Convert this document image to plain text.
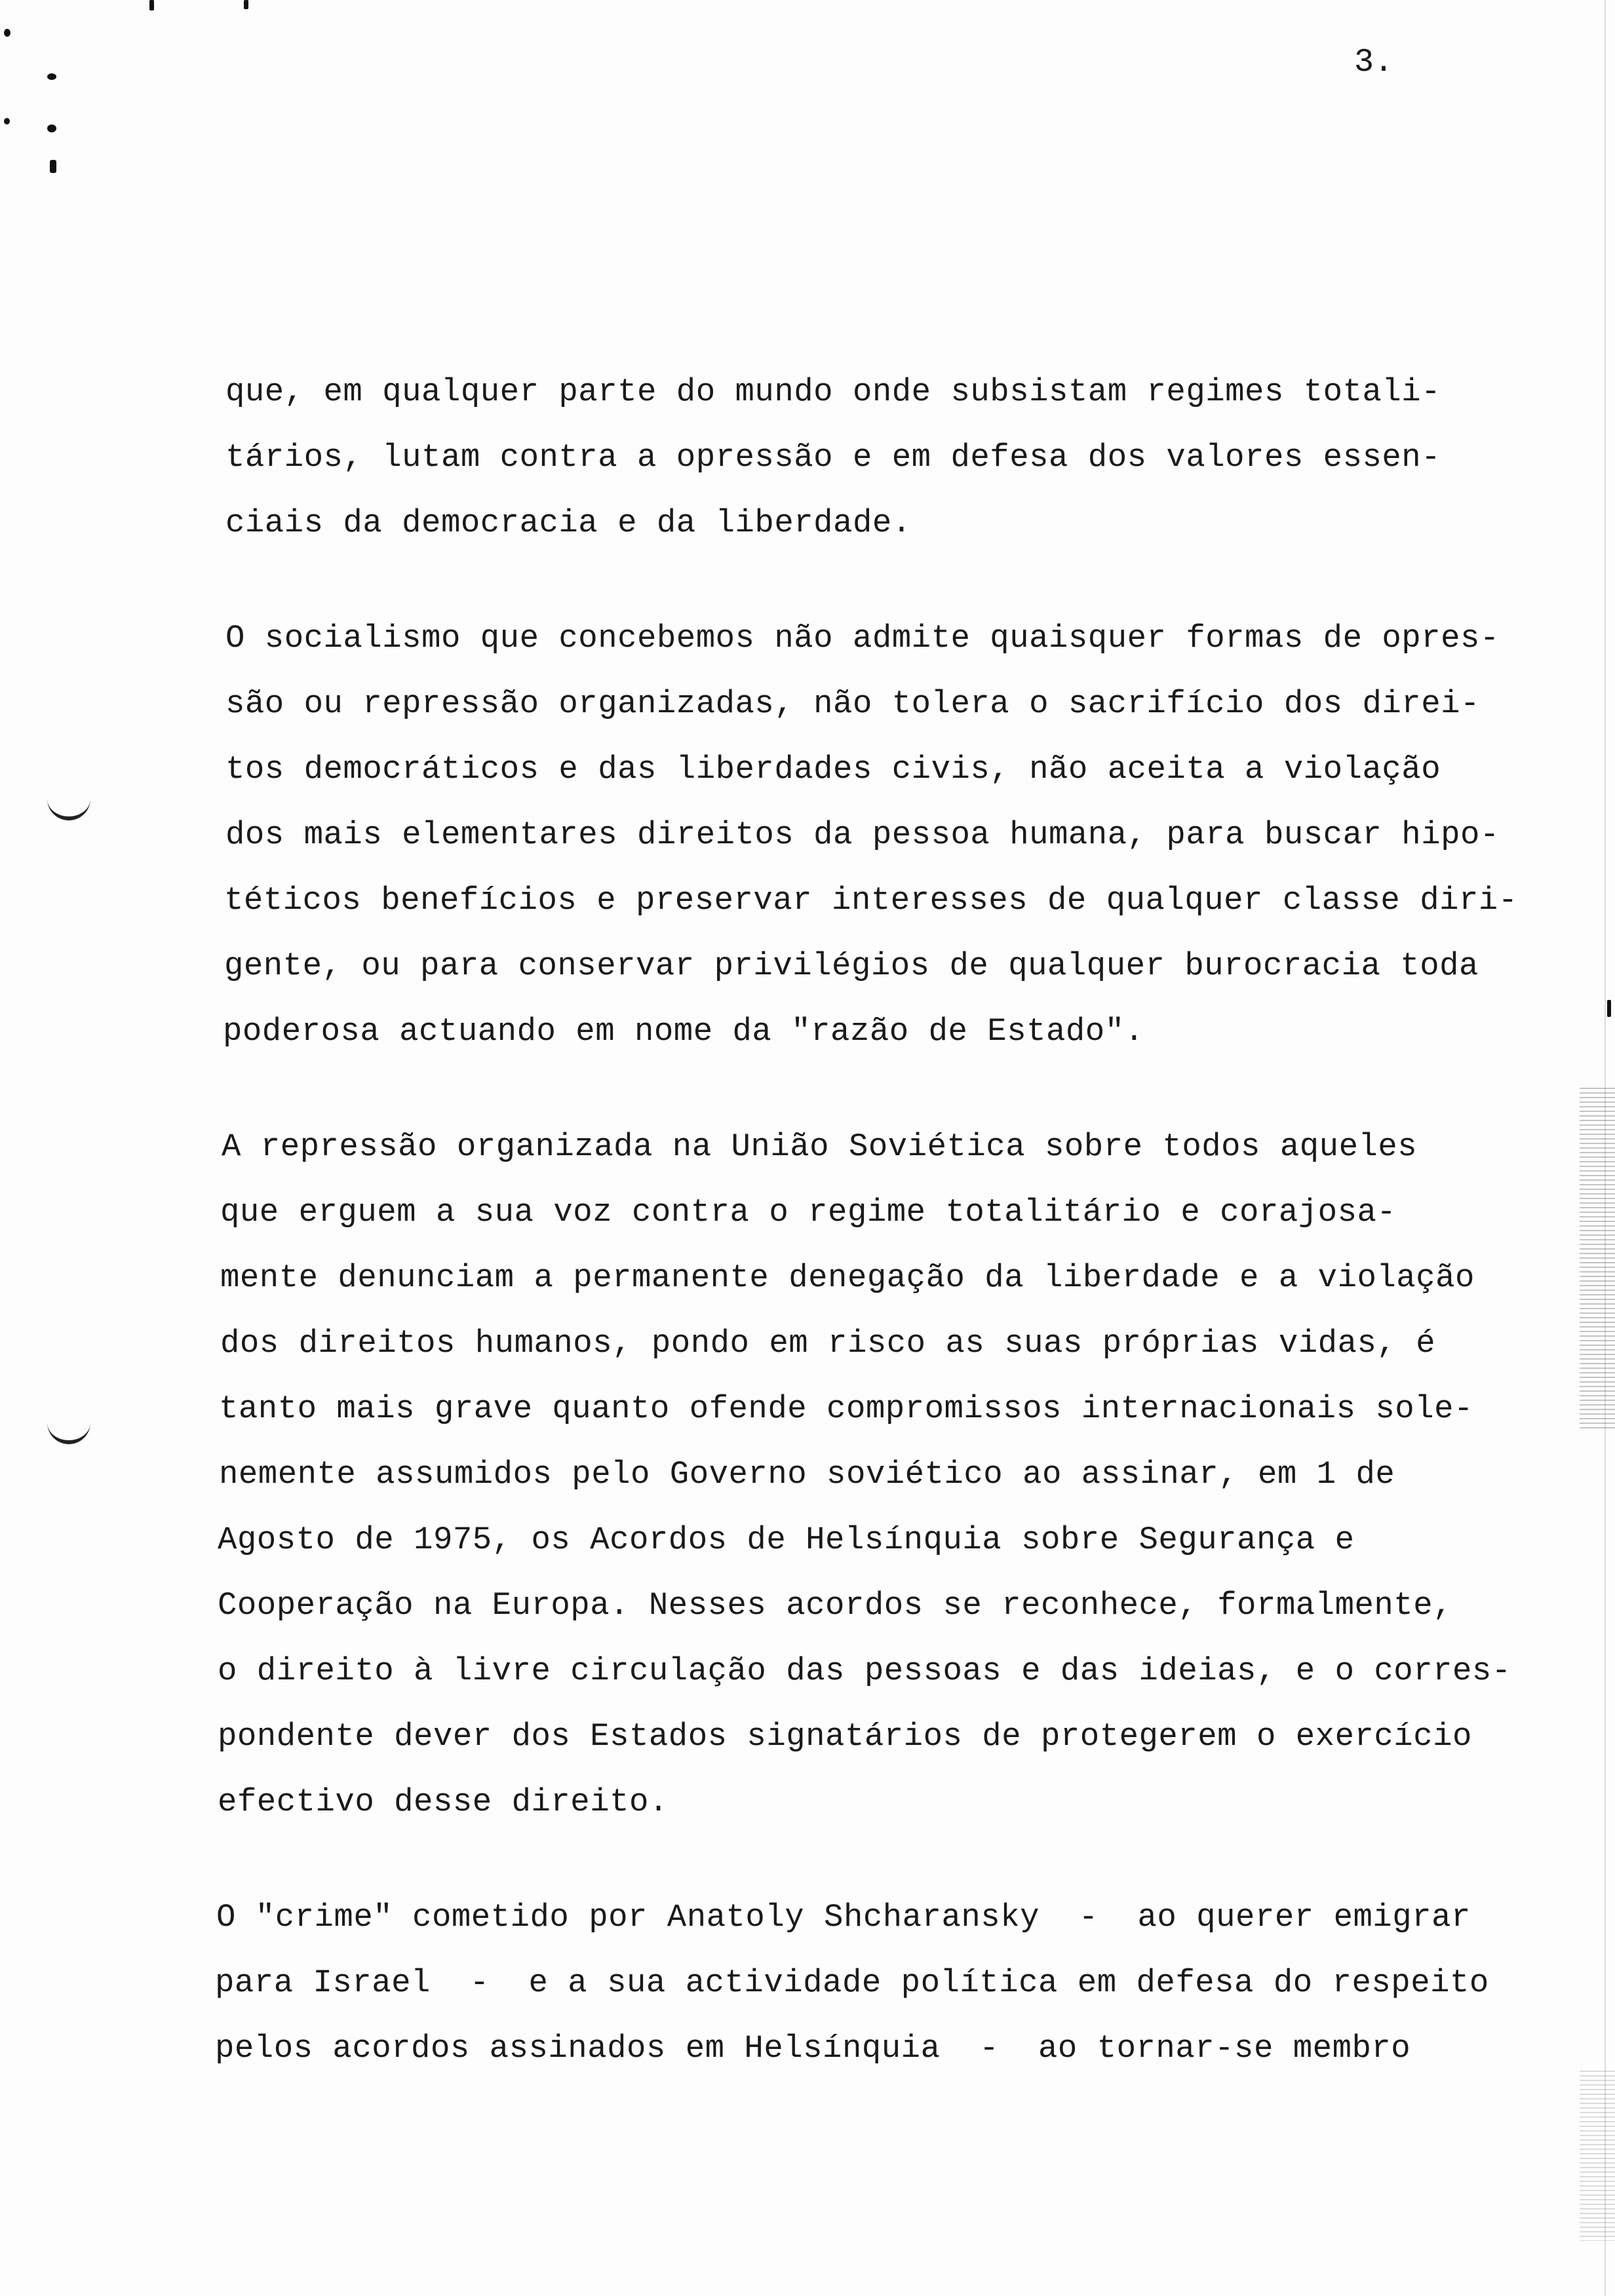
3.
que, em qualquer parte do mundo onde subsistam regimes totali-
tários, lutam contra a opressão e em defesa dos valores essen-
ciais da democracia e da liberdade.
O socialismo que concebemos não admite quaisquer formas de opres-
são ou repressão organizadas, não tolera o sacrifício dos direi-
tos democráticos e das liberdades civis, não aceita a violação
dos mais elementares direitos da pessoa humana, para buscar hipo-
téticos benefícios e preservar interesses de qualquer classe diri-
gente, ou para conservar privilégios de qualquer burocracia toda
poderosa actuando em nome da "razão de Estado".
A repressão organizada na União Soviética sobre todos aqueles
que erguem a sua voz contra o regime totalitário e corajosa-
mente denunciam a permanente denegação da liberdade e a violação
dos direitos humanos, pondo em risco as suas próprias vidas, é
tanto mais grave quanto ofende compromissos internacionais sole-
nemente assumidos pelo Governo soviético ao assinar, em 1 de
Agosto de 1975, os Acordos de Helsínquia sobre Segurança e
Cooperação na Europa. Nesses acordos se reconhece, formalmente,
o direito à livre circulação das pessoas e das ideias, e o corres-
pondente dever dos Estados signatários de protegerem o exercício
efectivo desse direito.
O "crime" cometido por Anatoly Shcharansky  -  ao querer emigrar
para Israel  -  e a sua actividade política em defesa do respeito
pelos acordos assinados em Helsínquia  -  ao tornar-se membro
